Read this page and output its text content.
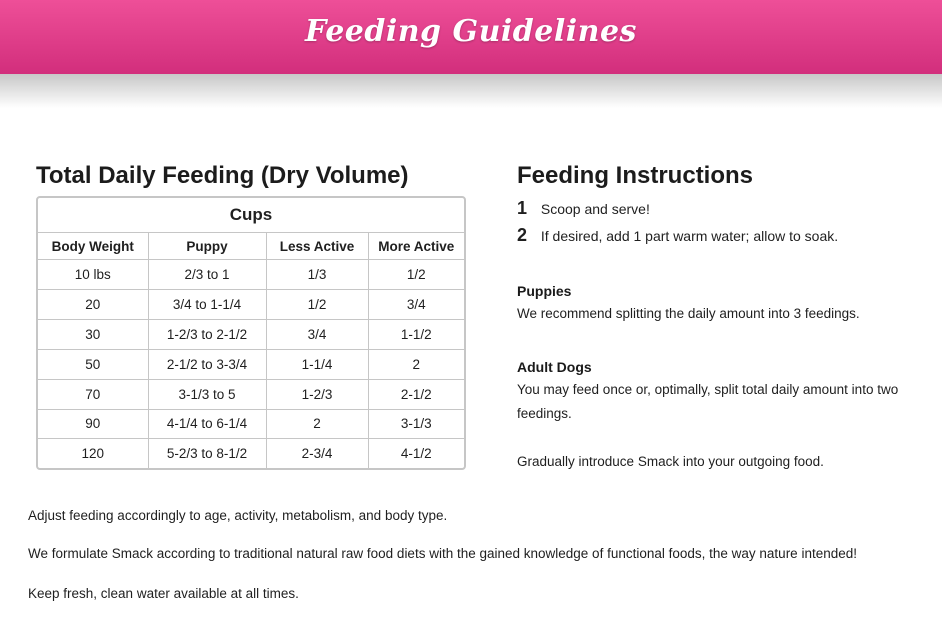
Feeding Guidelines
Total Daily Feeding (Dry Volume)
Cups			
Body Weight	Puppy	Less Active	More Active
10 lbs	2/3 to 1	1/3	1/2
20	3/4 to 1-1/4	1/2	3/4
30	1-2/3 to 2-1/2	3/4	1-1/2
50	2-1/2 to 3-3/4	1-1/4	2
70	3-1/3 to 5	1-2/3	2-1/2
90	4-1/4 to 6-1/4	2	3-1/3
120	5-2/3 to 8-1/2	2-3/4	4-1/2
Feeding Instructions
1 Scoop and serve!
2 If desired, add 1 part warm water; allow to soak.
Puppies

We recommend splitting the daily amount into 3 feedings.

Adult Dogs

You may feed once or, optimally, split total daily amount into two feedings.

Gradually introduce Smack into your outgoing food.

Adjust feeding accordingly to age, activity, metabolism, and body type.

We formulate Smack according to traditional natural raw food diets with the gained knowledge of functional foods, the way nature intended!

Keep fresh, clean water available at all times.
